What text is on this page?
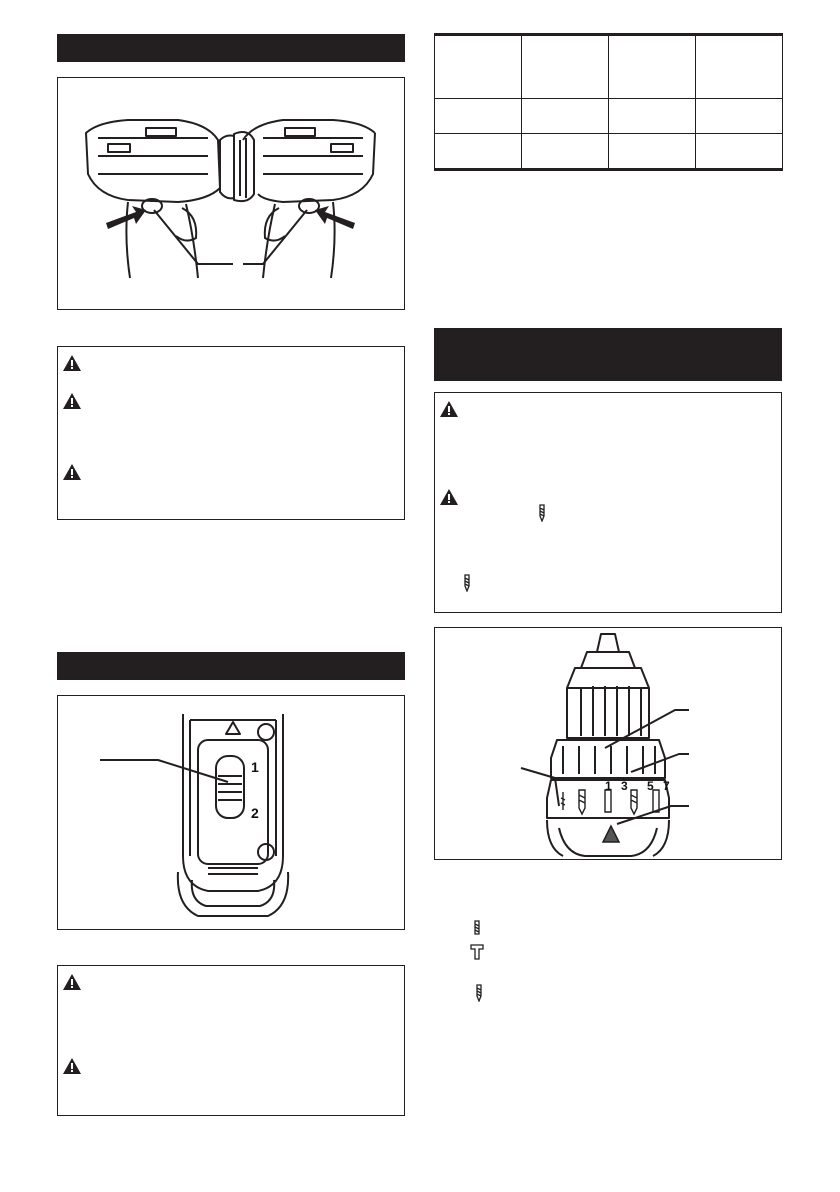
1
2

1 3 5 7
